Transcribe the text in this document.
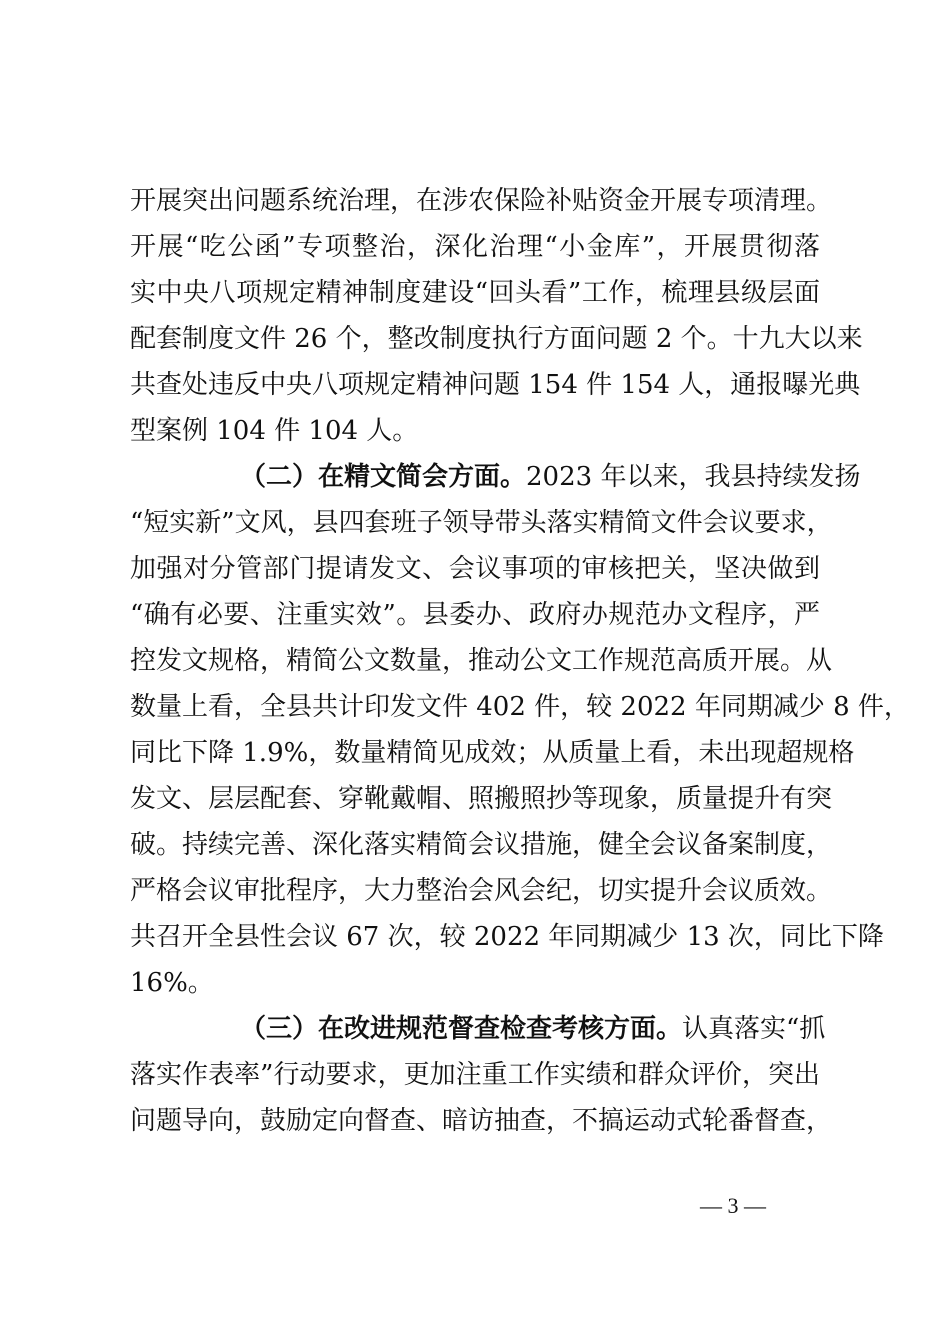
开展突出问题系统治理，在涉农保险补贴资金开展专项清理。
开展“吃公函”专项整治，深化治理“小金库”，开展贯彻落
实中央八项规定精神制度建设“回头看”工作，梳理县级层面
配套制度文件 26 个，整改制度执行方面问题 2 个。十九大以来
共查处违反中央八项规定精神问题 154 件 154 人，通报曝光典
型案例 104 件 104 人。
（二）在精文简会方面。2023 年以来，我县持续发扬
“短实新”文风，县四套班子领导带头落实精简文件会议要求，
加强对分管部门提请发文、会议事项的审核把关，坚决做到
“确有必要、注重实效”。县委办、政府办规范办文程序，严
控发文规格，精简公文数量，推动公文工作规范高质开展。从
数量上看，全县共计印发文件 402 件，较 2022 年同期减少 8 件，
同比下降 1.9%，数量精简见成效；从质量上看，未出现超规格
发文、层层配套、穿靴戴帽、照搬照抄等现象，质量提升有突
破。持续完善、深化落实精简会议措施，健全会议备案制度，
严格会议审批程序，大力整治会风会纪，切实提升会议质效。
共召开全县性会议 67 次，较 2022 年同期减少 13 次，同比下降
16%。
（三）在改进规范督查检查考核方面。认真落实“抓
落实作表率”行动要求，更加注重工作实绩和群众评价，突出
问题导向，鼓励定向督查、暗访抽查，不搞运动式轮番督查，
— 3 —
